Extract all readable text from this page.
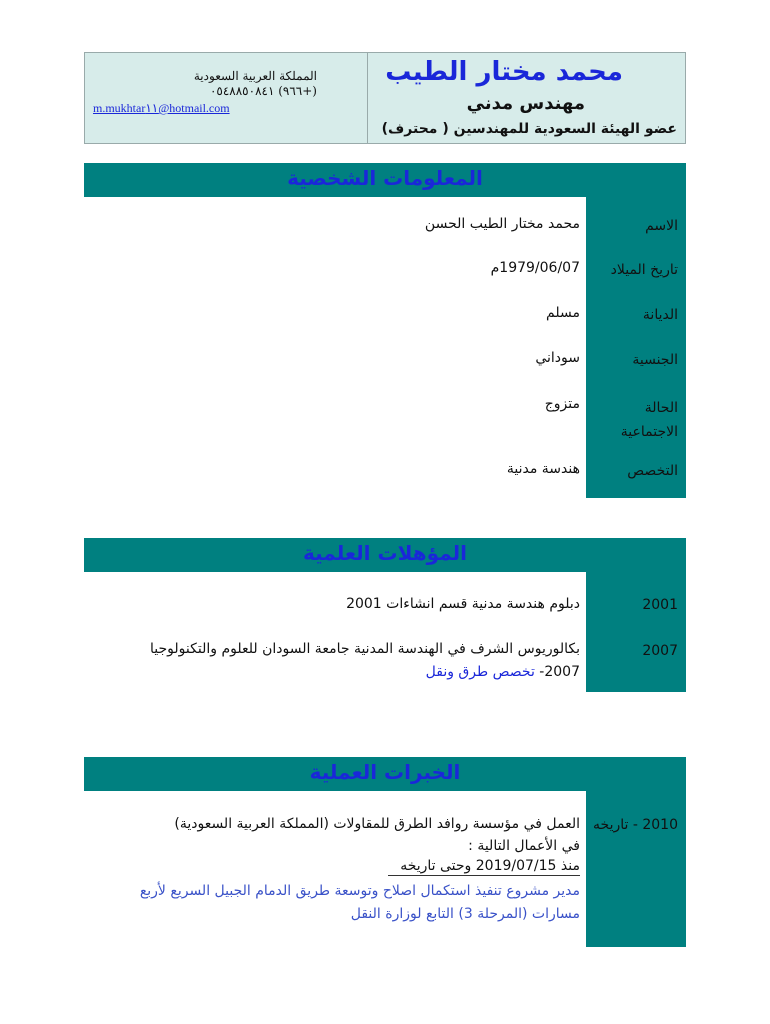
المملكة العربية السعودية
(+٩٦٦) ٠٥٤٨٨٥٠٨٤١
m.mukhtar١١@hotmail.com
محمد مختار الطيب
مهندس مدني
عضو الهيئة السعودية للمهندسين ( محترف)
المعلومات الشخصية
الاسم
محمد مختار الطيب الحسن
تاريخ الميلاد
1979/06/07م
الديانة
مسلم
الجنسية
سوداني
الحالة الاجتماعية
متزوج
التخصص
هندسة مدنية
المؤهلات العلمية
2001
دبلوم هندسة مدنية قسم انشاءات 2001
2007
بكالوريوس الشرف في الهندسة المدنية جامعة السودان للعلوم والتكنولوجيا
2007- تخصص طرق ونقل
الخبرات العملية
2010 - تاريخه
العمل في مؤسسة روافد الطرق للمقاولات (المملكة العربية السعودية)
في الأعمال التالية :
منذ 2019/07/15 وحتى تاريخه
مدير مشروع تنفيذ استكمال اصلاح وتوسعة طريق الدمام الجبيل السريع لأربع
مسارات (المرحلة 3) التابع لوزارة النقل
